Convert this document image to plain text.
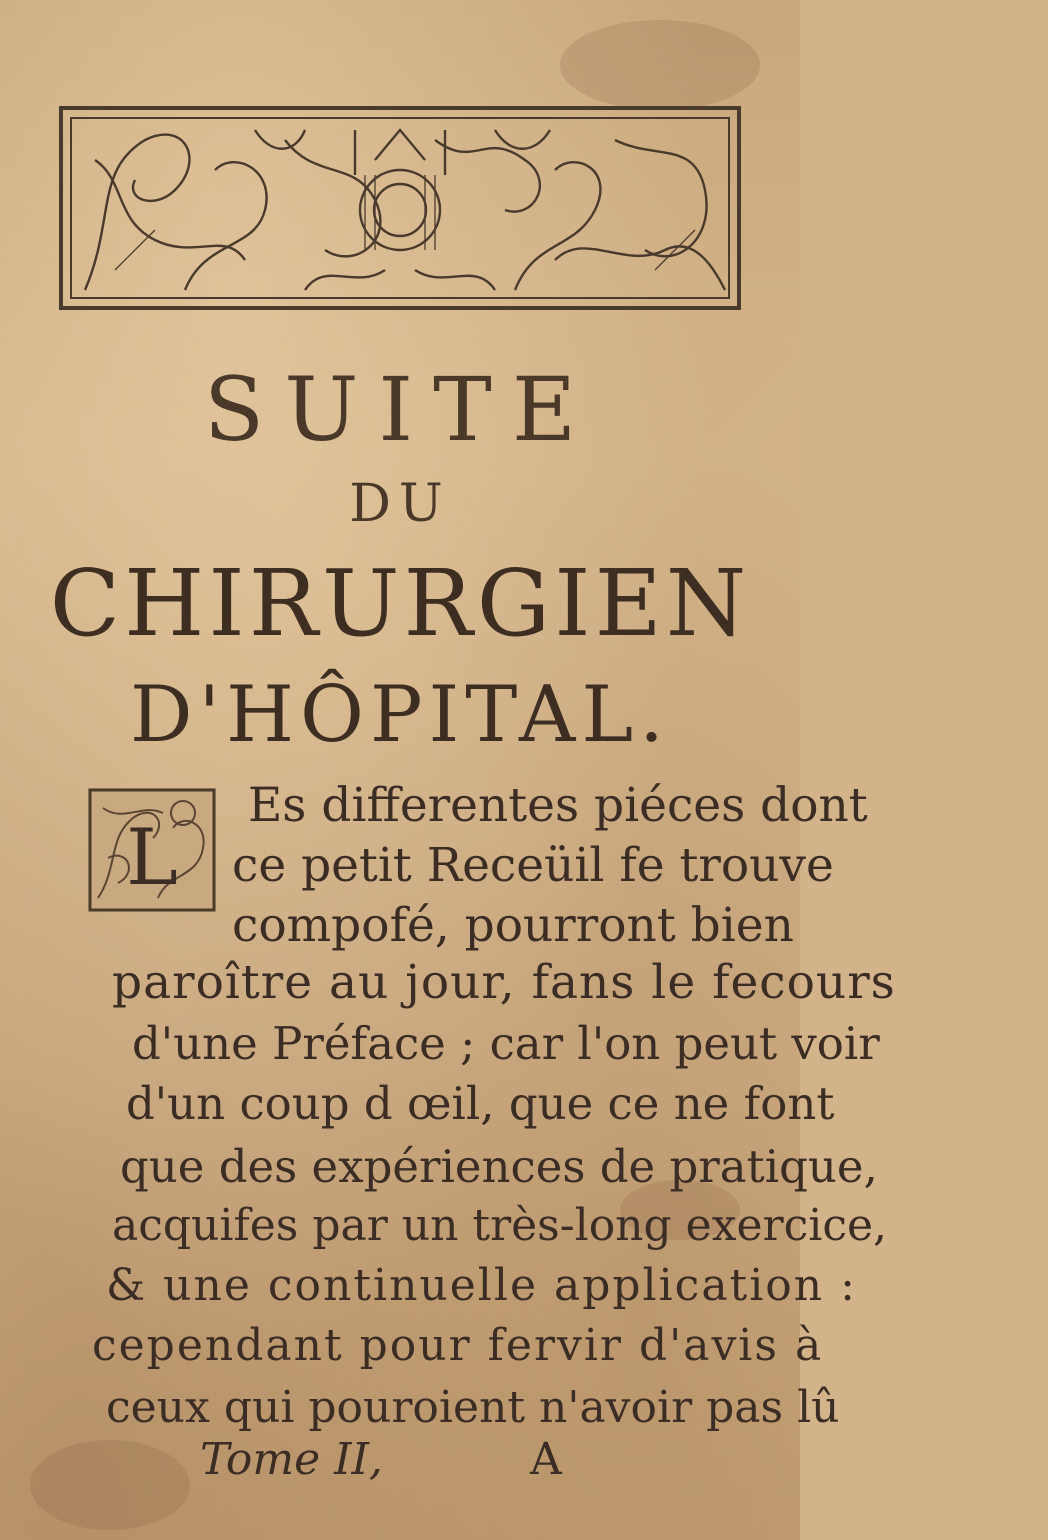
SUITE
DU
CHIRURGIEN
D'HÔPITAL.
L
Es differentes piéces dont
ce petit Receüil fe trouve
compofé, pourront bien
paroître au jour, fans le fecours
d'une Préface ; car l'on peut voir
d'un coup d œil, que ce ne font
que des expériences de pratique,
acquifes par un très-long exercice,
& une continuelle application :
cependant pour fervir d'avis à
ceux qui pouroient n'avoir pas lû
Tome II,	A
